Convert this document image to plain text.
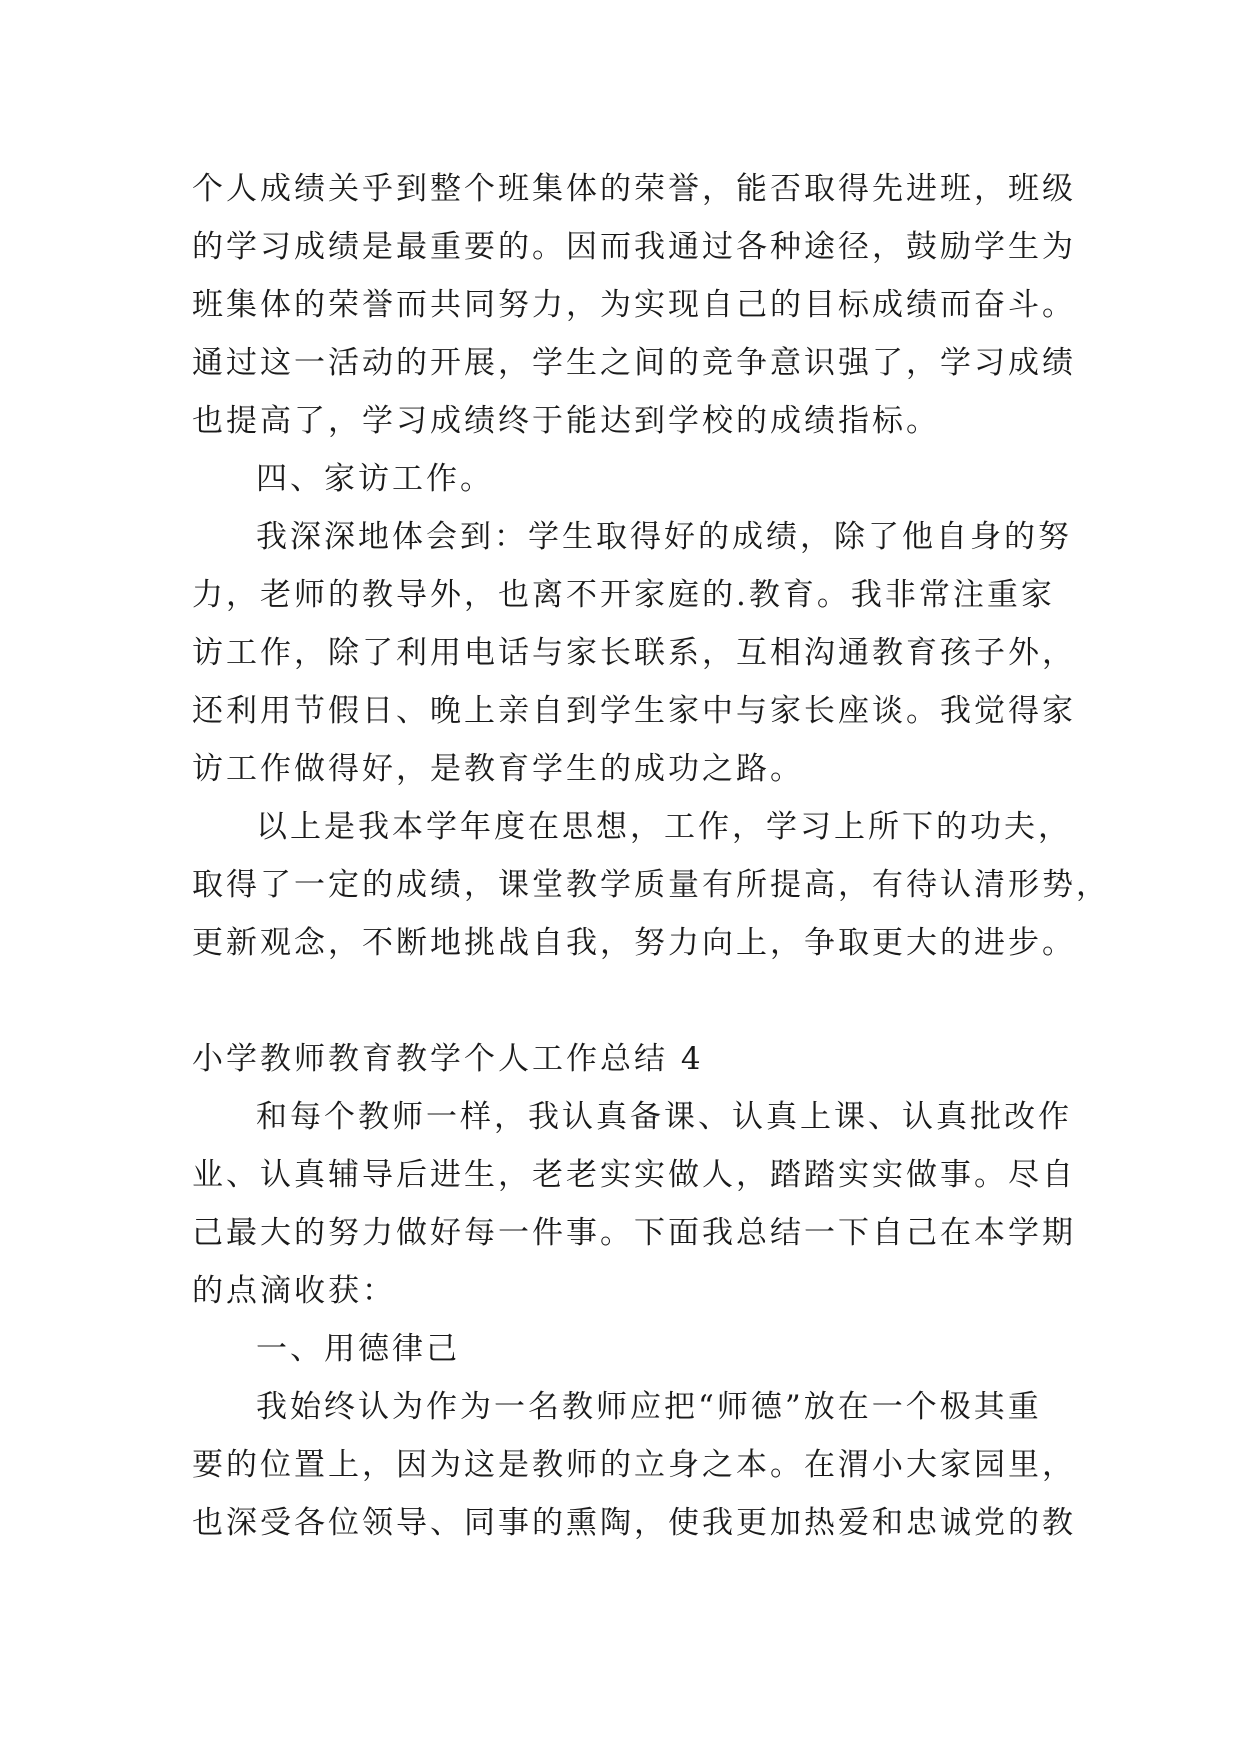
个人成绩关乎到整个班集体的荣誉，能否取得先进班，班级
的学习成绩是最重要的。因而我通过各种途径，鼓励学生为
班集体的荣誉而共同努力，为实现自己的目标成绩而奋斗。
通过这一活动的开展，学生之间的竞争意识强了，学习成绩
也提高了，学习成绩终于能达到学校的成绩指标。
四、家访工作。
我深深地体会到：学生取得好的成绩，除了他自身的努
力，老师的教导外，也离不开家庭的.教育。我非常注重家
访工作，除了利用电话与家长联系，互相沟通教育孩子外，
还利用节假日、晚上亲自到学生家中与家长座谈。我觉得家
访工作做得好，是教育学生的成功之路。
以上是我本学年度在思想，工作，学习上所下的功夫，
取得了一定的成绩，课堂教学质量有所提高，有待认清形势，
更新观念，不断地挑战自我，努力向上，争取更大的进步。
小学教师教育教学个人工作总结 4
和每个教师一样，我认真备课、认真上课、认真批改作
业、认真辅导后进生，老老实实做人，踏踏实实做事。尽自
己最大的努力做好每一件事。下面我总结一下自己在本学期
的点滴收获：
一、用德律己
我始终认为作为一名教师应把“师德”放在一个极其重
要的位置上，因为这是教师的立身之本。在渭小大家园里，
也深受各位领导、同事的熏陶，使我更加热爱和忠诚党的教
